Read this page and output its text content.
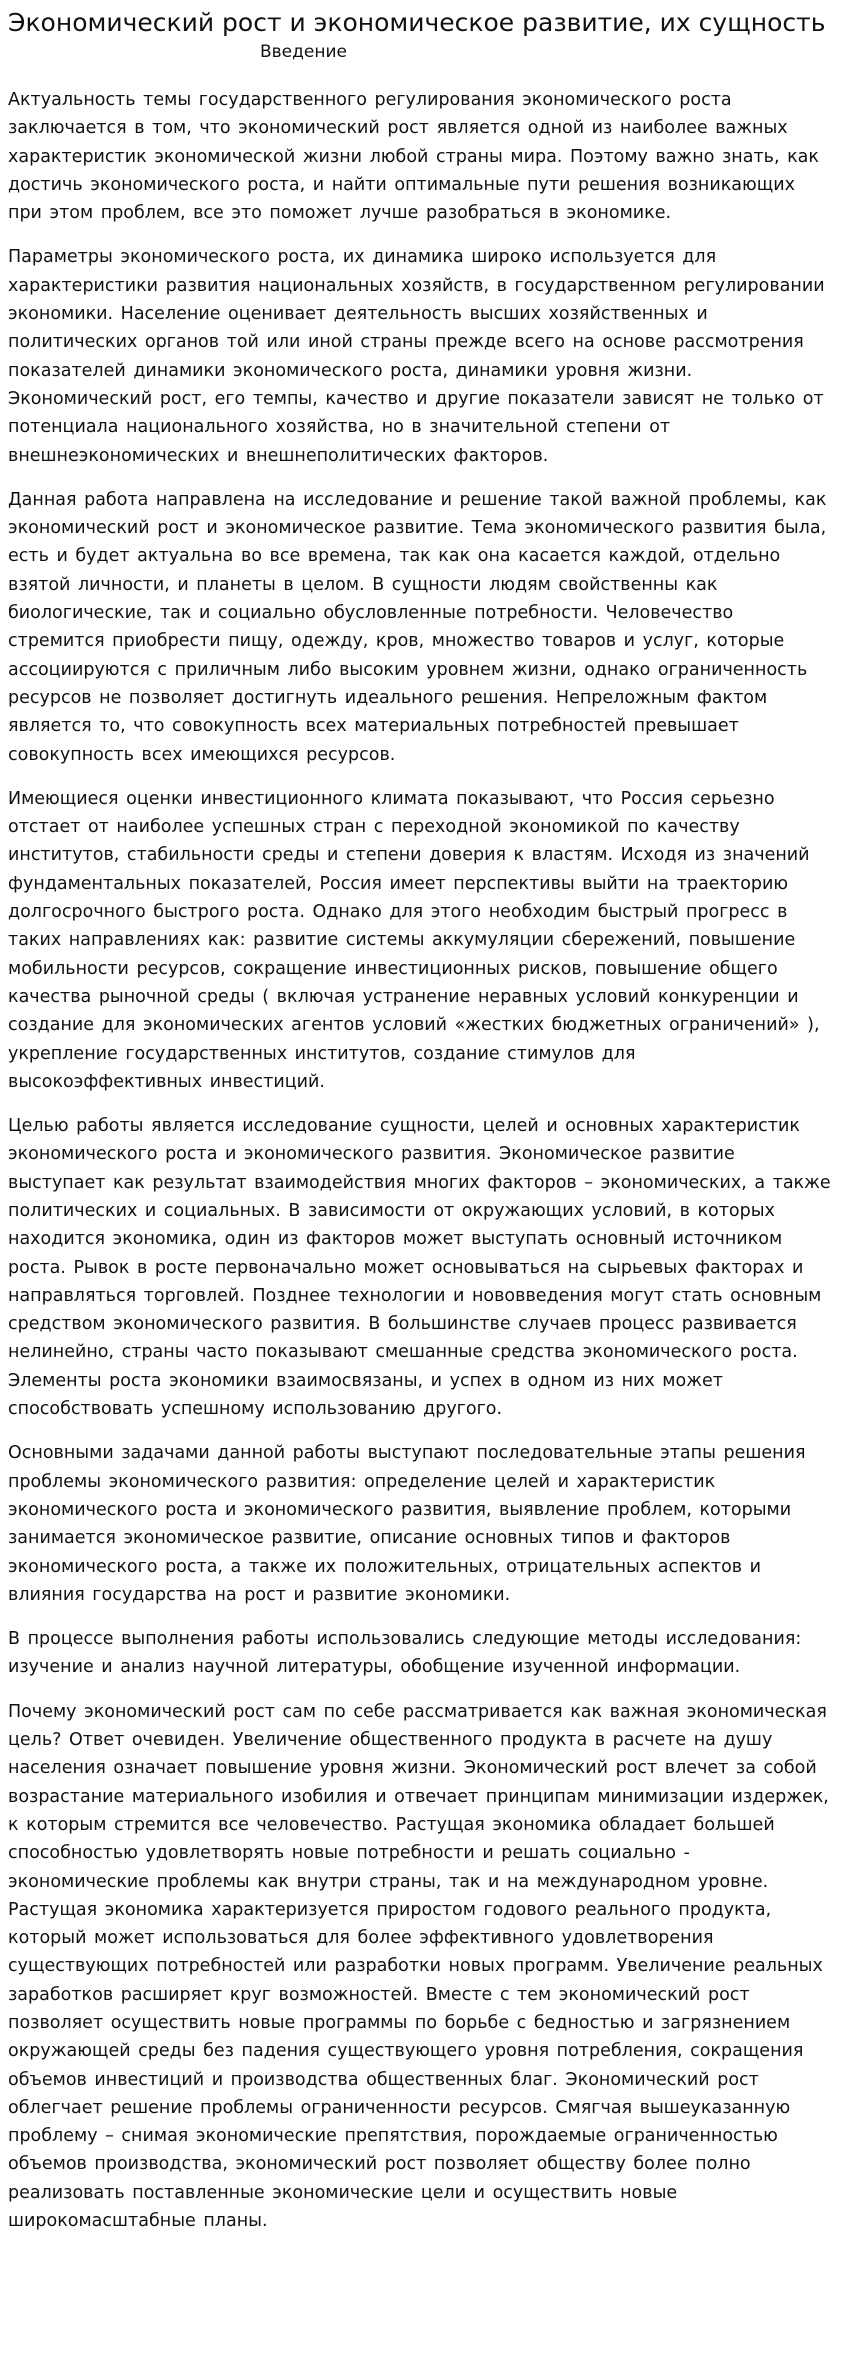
Экономический рост и экономическое развитие, их сущность
Введение

Актуальность темы государственного регулирования экономического роста заключается в том, что экономический рост является одной из наиболее важных характеристик экономической жизни любой страны мира. Поэтому важно знать, как достичь экономического роста, и найти оптимальные пути решения возникающих при этом проблем, все это поможет лучше разобраться в экономике.

Параметры экономического роста, их динамика широко используется для характеристики развития национальных хозяйств, в государственном регулировании экономики. Население оценивает деятельность высших хозяйственных и политических органов той или иной страны прежде всего на основе рассмотрения показателей динамики экономического роста, динамики уровня жизни. Экономический рост, его темпы, качество и другие показатели зависят не только от потенциала национального хозяйства, но в значительной степени от внешнеэкономических и внешнеполитических факторов.

Данная работа направлена на исследование и решение такой важной проблемы, как экономический рост и экономическое развитие. Тема экономического развития была, есть и будет актуальна во все времена, так как она касается каждой, отдельно взятой личности, и планеты в целом. В сущности людям свойственны как биологические, так и социально обусловленные потребности. Человечество стремится приобрести пищу, одежду, кров, множество товаров и услуг, которые ассоциируются с приличным либо высоким уровнем жизни, однако ограниченность ресурсов не позволяет достигнуть идеального решения. Непреложным фактом является то, что совокупность всех материальных потребностей превышает совокупность всех имеющихся ресурсов.

Имеющиеся оценки инвестиционного климата показывают, что Россия серьезно отстает от наиболее успешных стран с переходной экономикой по качеству институтов, стабильности среды и степени доверия к властям. Исходя из значений фундаментальных показателей, Россия имеет перспективы выйти на траекторию долгосрочного быстрого роста. Однако для этого необходим быстрый прогресс в таких направлениях как: развитие системы аккумуляции сбережений, повышение мобильности ресурсов, сокращение инвестиционных рисков, повышение общего качества рыночной среды ( включая устранение неравных условий конкуренции и создание для экономических агентов условий «жестких бюджетных ограничений» ), укрепление государственных институтов, создание стимулов для высокоэффективных инвестиций.

Целью работы является исследование сущности, целей и основных характеристик экономического роста и экономического развития. Экономическое развитие выступает как результат взаимодействия многих факторов – экономических, а также политических и социальных. В зависимости от окружающих условий, в которых находится экономика, один из факторов может выступать основный источником роста. Рывок в росте первоначально может основываться на сырьевых факторах и направляться торговлей. Позднее технологии и нововведения могут стать основным средством экономического развития. В большинстве случаев процесс развивается нелинейно, страны часто показывают смешанные средства экономического роста. Элементы роста экономики взаимосвязаны, и успех в одном из них может способствовать успешному использованию другого.

Основными задачами данной работы выступают последовательные этапы решения проблемы экономического развития: определение целей и характеристик экономического роста и экономического развития, выявление проблем, которыми занимается экономическое развитие, описание основных типов и факторов экономического роста, а также их положительных, отрицательных аспектов и влияния государства на рост и развитие экономики.

В процессе выполнения работы использовались следующие методы исследования: изучение и анализ научной литературы, обобщение изученной информации.

Почему экономический рост сам по себе рассматривается как важная экономическая цель? Ответ очевиден. Увеличение общественного продукта в расчете на душу населения означает повышение уровня жизни. Экономический рост влечет за собой возрастание материального изобилия и отвечает принципам минимизации издержек, к которым стремится все человечество. Растущая экономика обладает большей способностью удовлетворять новые потребности и решать социально - экономические проблемы как внутри страны, так и на международном уровне. Растущая экономика характеризуется приростом годового реального продукта, который может использоваться для более эффективного удовлетворения существующих потребностей или разработки новых программ. Увеличение реальных заработков расширяет круг возможностей. Вместе с тем экономический рост позволяет осуществить новые программы по борьбе с бедностью и загрязнением окружающей среды без падения существующего уровня потребления, сокращения объемов инвестиций и производства общественных благ. Экономический рост облегчает решение проблемы ограниченности ресурсов. Смягчая вышеуказанную проблему – снимая экономические препятствия, порождаемые ограниченностью объемов производства, экономический рост позволяет обществу более полно реализовать поставленные экономические цели и осуществить новые широкомасштабные планы.
